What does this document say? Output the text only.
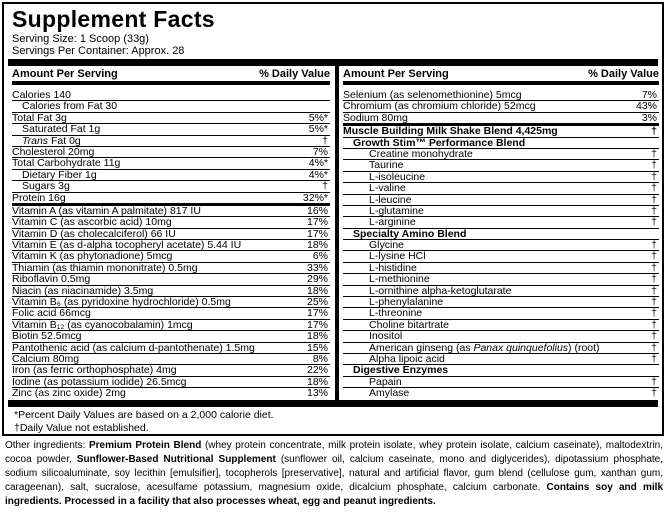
Supplement Facts
Serving Size: 1 Scoop (33g)
Servings Per Container: Approx. 28
Amount Per Serving	% Daily Value
Calories 140
Calories from Fat 30
Total Fat 3g	5%*
Saturated Fat 1g	5%*
Trans Fat 0g	†
Cholesterol 20mg	7%
Total Carbohydrate 11g	4%*
Dietary Fiber 1g	4%*
Sugars 3g	†
Protein 16g	32%*
Vitamin A (as vitamin A palmitate) 817 IU	16%
Vitamin C (as ascorbic acid) 10mg	17%
Vitamin D (as cholecalciferol) 66 IU	17%
Vitamin E (as d-alpha tocopheryl acetate) 5.44 IU	18%
Vitamin K (as phytonadione) 5mcg	6%
Thiamin (as thiamin mononitrate) 0.5mg	33%
Riboflavin 0.5mg	29%
Niacin (as niacinamide) 3.5mg	18%
Vitamin B₆ (as pyridoxine hydrochloride) 0.5mg	25%
Folic acid 66mcg	17%
Vitamin B₁₂ (as cyanocobalamin) 1mcg	17%
Biotin 52.5mcg	18%
Pantothenic acid (as calcium d-pantothenate) 1.5mg	15%
Calcium 80mg	8%
Iron (as ferric orthophosphate) 4mg	22%
Iodine (as potassium iodide) 26.5mcg	18%
Zinc (as zinc oxide) 2mg	13%
Amount Per Serving	% Daily Value
Selenium (as selenomethionine) 5mcg	7%
Chromium (as chromium chloride) 52mcg	43%
Sodium 80mg	3%
Muscle Building Milk Shake Blend 4,425mg	†
Growth Stim™ Performance Blend
Creatine monohydrate	†
Taurine	†
L-isoleucine	†
L-valine	†
L-leucine	†
L-glutamine	†
L-arginine	†
Specialty Amino Blend
Glycine	†
L-lysine HCl	†
L-histidine	†
L-methionine	†
L-ornithine alpha-ketoglutarate	†
L-phenylalanine	†
L-threonine	†
Choline bitartrate	†
Inositol	†
American ginseng (as Panax quinquefolius) (root)	†
Alpha lipoic acid	†
Digestive Enzymes
Papain	†
Amylase	†
*Percent Daily Values are based on a 2,000 calorie diet.
†Daily Value not established.
Other ingredients: Premium Protein Blend (whey protein concentrate, milk protein isolate, whey protein isolate, calcium caseinate), maltodextrin, cocoa powder, Sunflower-Based Nutritional Supplement (sunflower oil, calcium caseinate, mono and diglycerides), dipotassium phosphate, sodium silicoaluminate, soy lecithin [emulsifier], tocopherols [preservative], natural and artificial flavor, gum blend (cellulose gum, xanthan gum, carageenan), salt, sucralose, acesulfame potassium, magnesium oxide, dicalcium phosphate, calcium carbonate. Contains soy and milk ingredients. Processed in a facility that also processes wheat, egg and peanut ingredients.
